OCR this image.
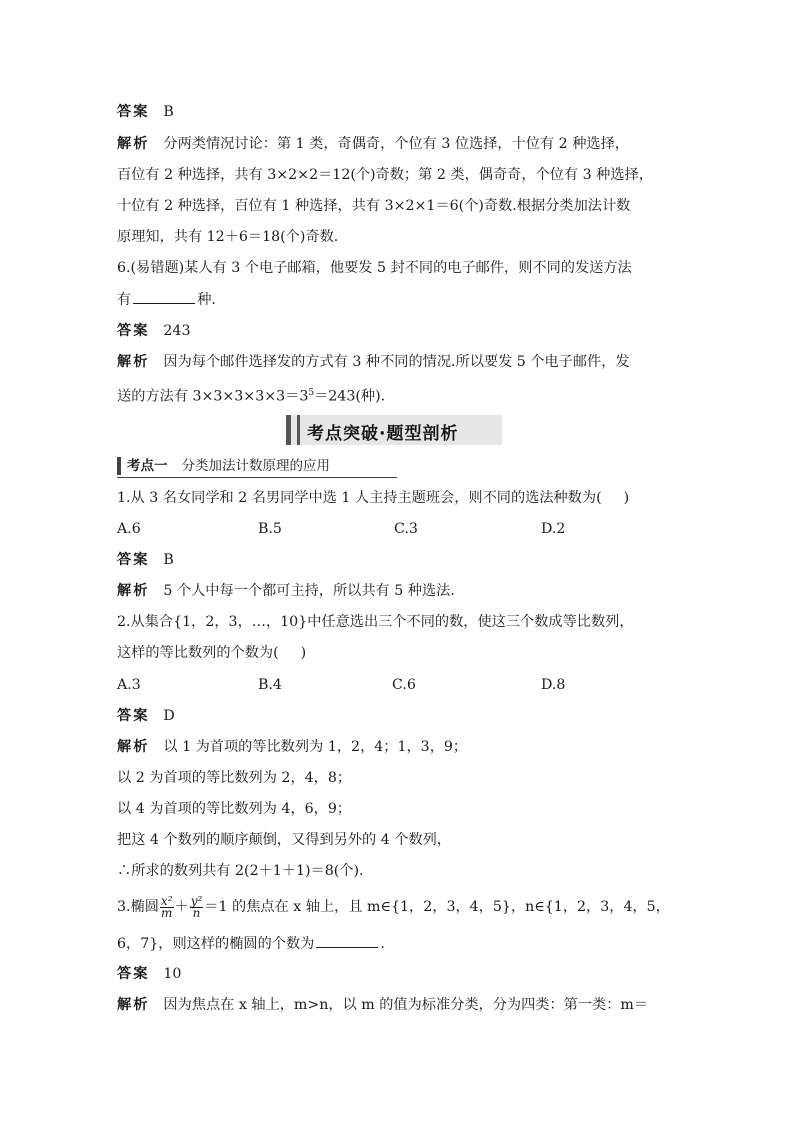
答案 B
解析 分两类情况讨论：第 1 类，奇偶奇，个位有 3 位选择，十位有 2 种选择，
百位有 2 种选择，共有 3×2×2＝12(个)奇数；第 2 类，偶奇奇，个位有 3 种选择，
十位有 2 种选择，百位有 1 种选择，共有 3×2×1＝6(个)奇数.根据分类加法计数
原理知，共有 12＋6＝18(个)奇数.
6.(易错题)某人有 3 个电子邮箱，他要发 5 封不同的电子邮件，则不同的发送方法
有	种.
答案 243
解析 因为每个邮件选择发的方式有 3 种不同的情况.所以要发 5 个电子邮件，发
送的方法有 $3\times 3\times 3\times 3\times 3=3^5=243$(种).
考点突破·题型剖析
考点一 分类加法计数原理的应用
1.从 3 名女同学和 2 名男同学中选 1 人主持主题班会，则不同的选法种数为( )
A.6	B.5	C.3	D.2
答案 B
解析 5 个人中每一个都可主持，所以共有 5 种选法.
2.从集合{1，2，3，…，10}中任意选出三个不同的数，使这三个数成等比数列，
这样的等比数列的个数为( )
A.3	B.4	C.6	D.8
答案 D
解析 以 1 为首项的等比数列为 1，2，4；1，3，9；
以 2 为首项的等比数列为 2，4，8；
以 4 为首项的等比数列为 4，6，9；
把这 4 个数列的顺序颠倒，又得到另外的 4 个数列，
∴所求的数列共有 2(2＋1＋1)＝8(个).
3.椭圆 $\frac{\text{x²}}{m} + \frac{\text{y²}}{n} =1$ 的焦点在 x 轴上，且 m∈{1，2，3，4，5}，n∈{1，2，3，4，5，
6，7}，则这样的椭圆的个数为	.
答案 10
解析 因为焦点在 x 轴上，m>n，以 m 的值为标准分类，分为四类：第一类：m＝
